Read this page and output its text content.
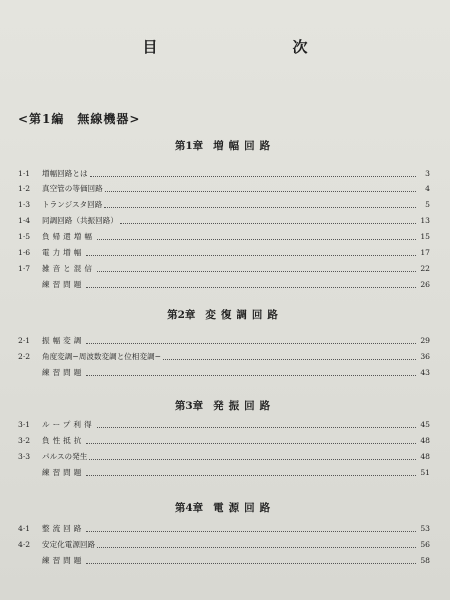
目　次
<第1編　無線機器>
第1章 増幅回路
1·1	増幅回路とは	3
1·2	真空管の等価回路	4
1·3	トランジスタ回路	5
1·4	同調回路（共振回路）	13
1·5	負帰還増幅	15
1·6	電力増幅	17
1·7	雑音と混信	22
練習問題	26
第2章 変復調回路
2·1	振幅変調	29
2·2	角度変調−周波数変調と位相変調−	36
練習問題	43
第3章 発振回路
3·1	ループ利得	45
3·2	負性抵抗	48
3·3	パルスの発生	48
練習問題	51
第4章 電源回路
4·1	整流回路	53
4·2	安定化電源回路	56
練習問題	58
